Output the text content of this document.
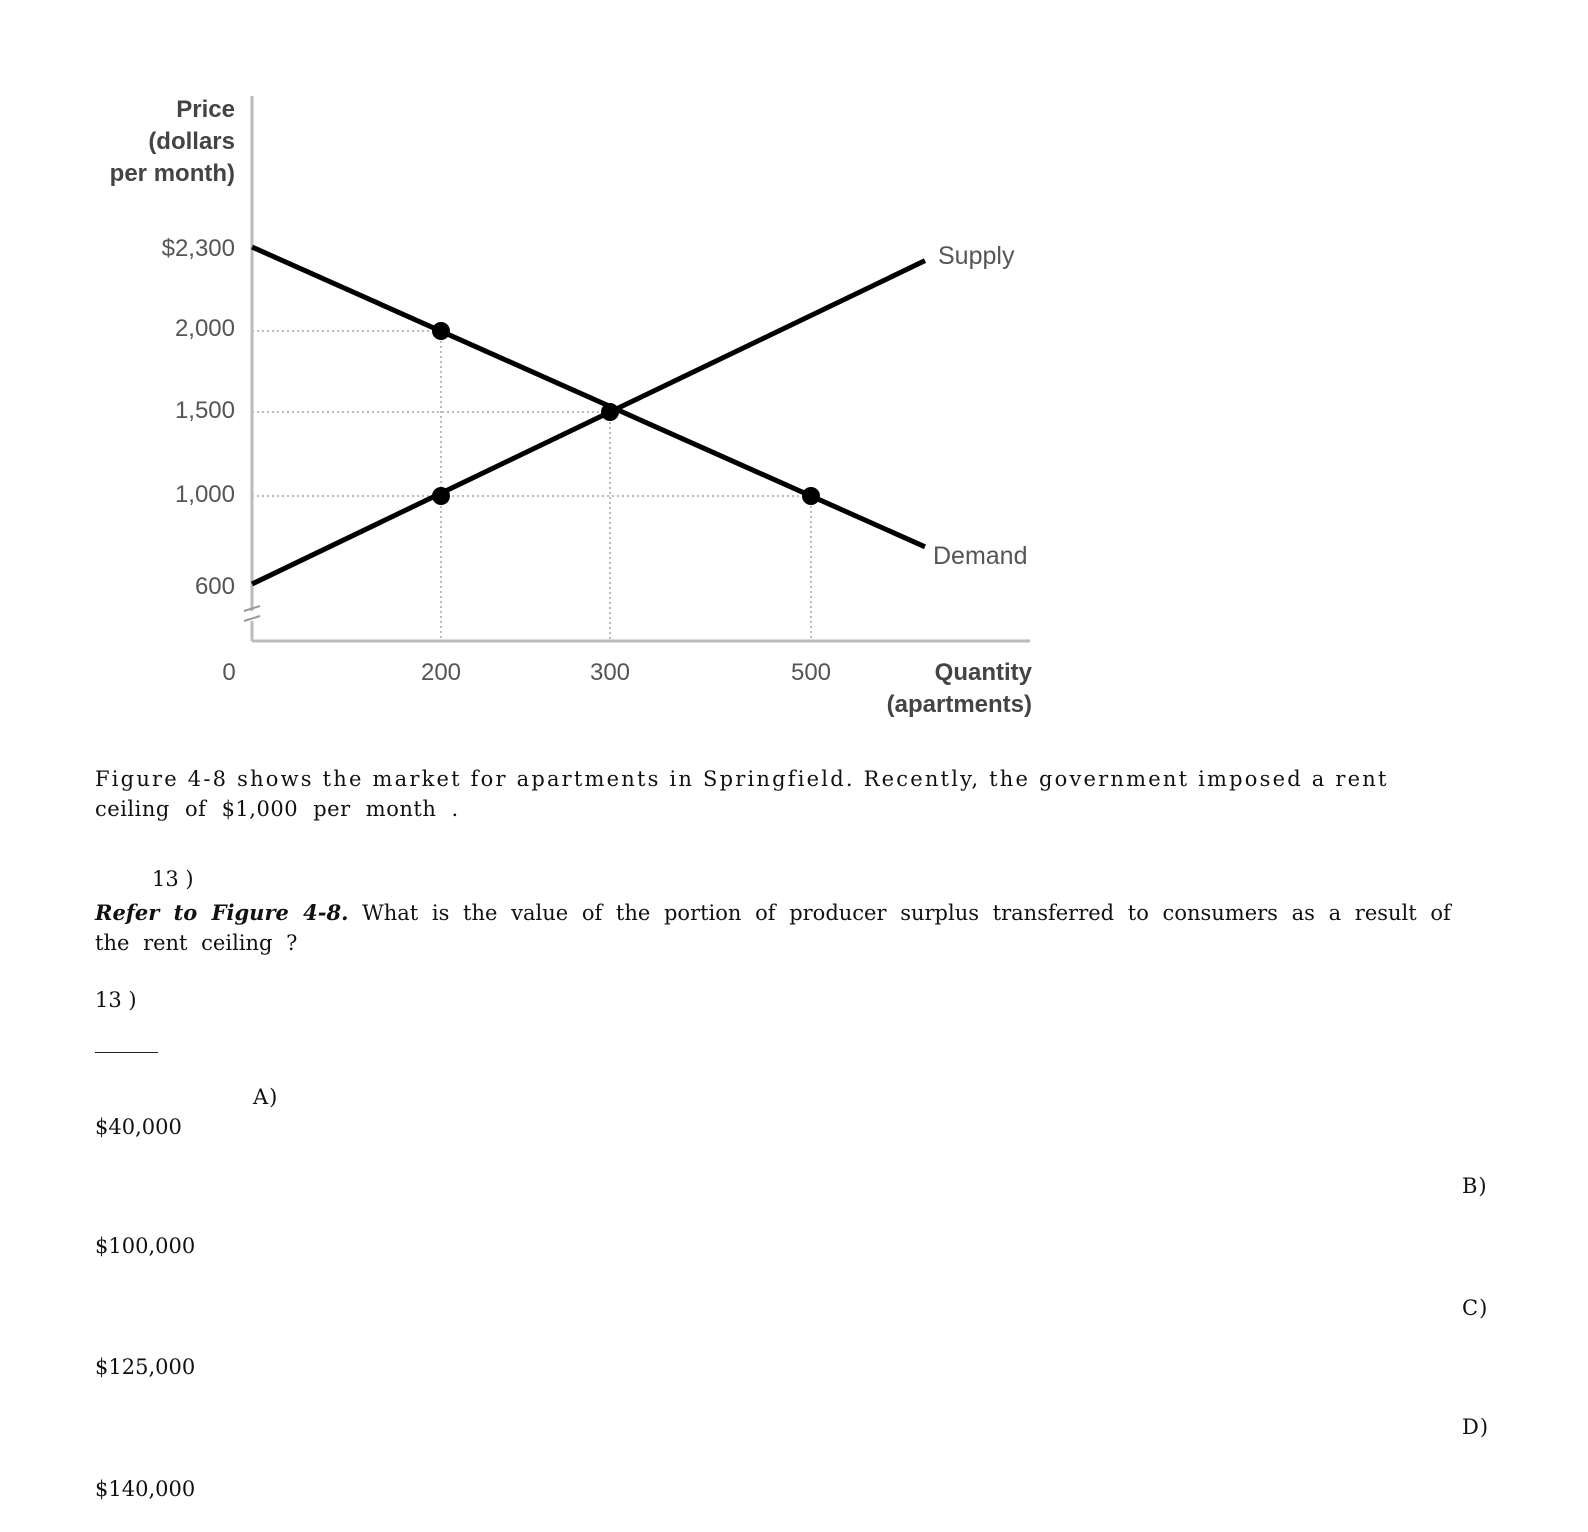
Price
(dollars
per month)
$2,300
2,000
1,500
1,000
600
0	200	300	500	Quantity
(apartments)
Supply
Demand
Figure 4-8 shows the market for apartments in Springfield. Recently, the government imposed a rent
ceiling of $1,000 per month .
13 )
Refer to Figure 4-8. What is the value of the portion of producer surplus transferred to consumers as a result of the rent ceiling ?
13 )
A)
$40,000
B)
$100,000
C)
$125,000
D)
$140,000
